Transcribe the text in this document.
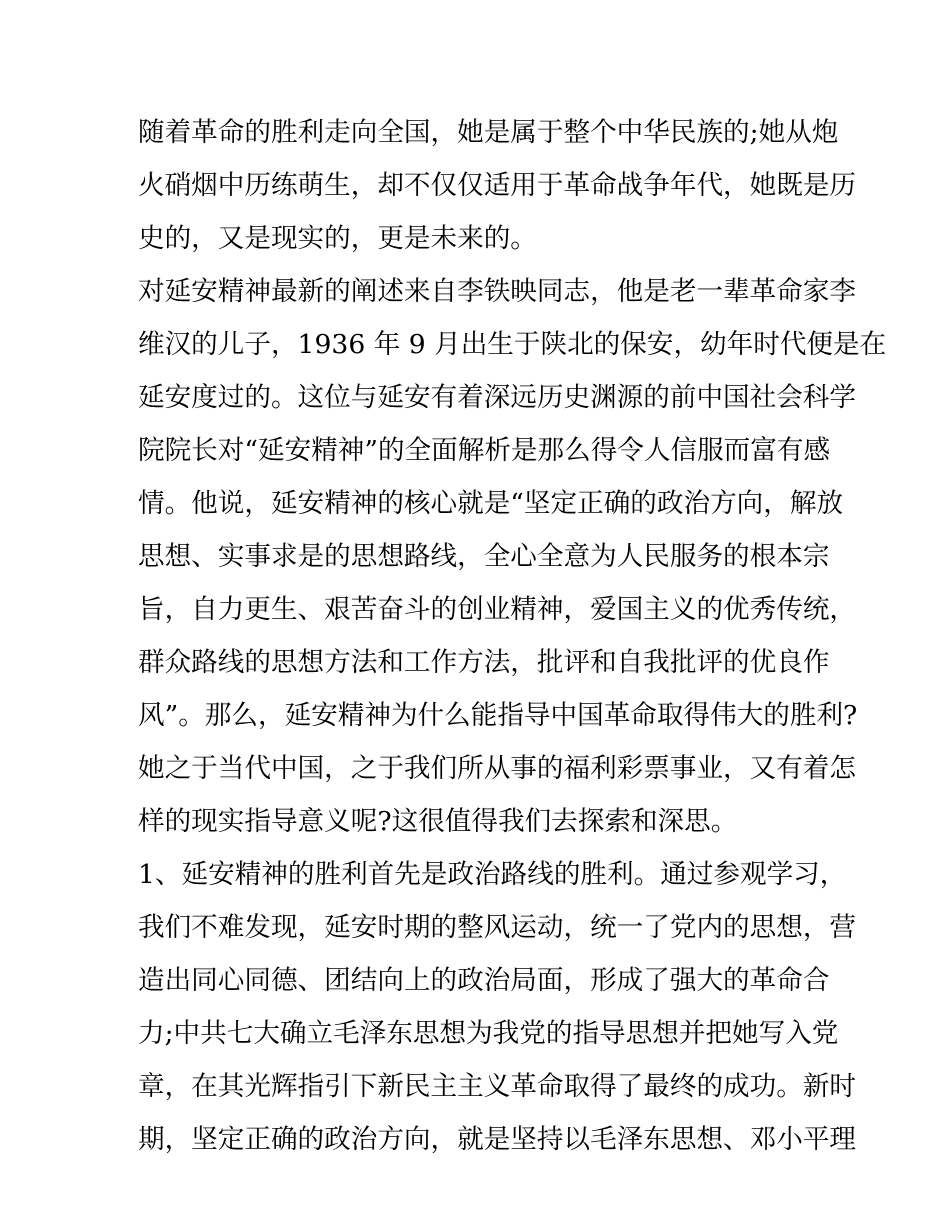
随着革命的胜利走向全国，她是属于整个中华民族的;她从炮
火硝烟中历练萌生，却不仅仅适用于革命战争年代，她既是历
史的，又是现实的，更是未来的。
对延安精神最新的阐述来自李铁映同志，他是老一辈革命家李
维汉的儿子，1936 年 9 月出生于陕北的保安，幼年时代便是在
延安度过的。这位与延安有着深远历史渊源的前中国社会科学
院院长对“延安精神”的全面解析是那么得令人信服而富有感
情。他说，延安精神的核心就是“坚定正确的政治方向，解放
思想、实事求是的思想路线，全心全意为人民服务的根本宗
旨，自力更生、艰苦奋斗的创业精神，爱国主义的优秀传统，
群众路线的思想方法和工作方法，批评和自我批评的优良作
风”。那么，延安精神为什么能指导中国革命取得伟大的胜利?
她之于当代中国，之于我们所从事的福利彩票事业，又有着怎
样的现实指导意义呢?这很值得我们去探索和深思。
1、延安精神的胜利首先是政治路线的胜利。通过参观学习，
我们不难发现，延安时期的整风运动，统一了党内的思想，营
造出同心同德、团结向上的政治局面，形成了强大的革命合
力;中共七大确立毛泽东思想为我党的指导思想并把她写入党
章，在其光辉指引下新民主主义革命取得了最终的成功。新时
期，坚定正确的政治方向，就是坚持以毛泽东思想、邓小平理
